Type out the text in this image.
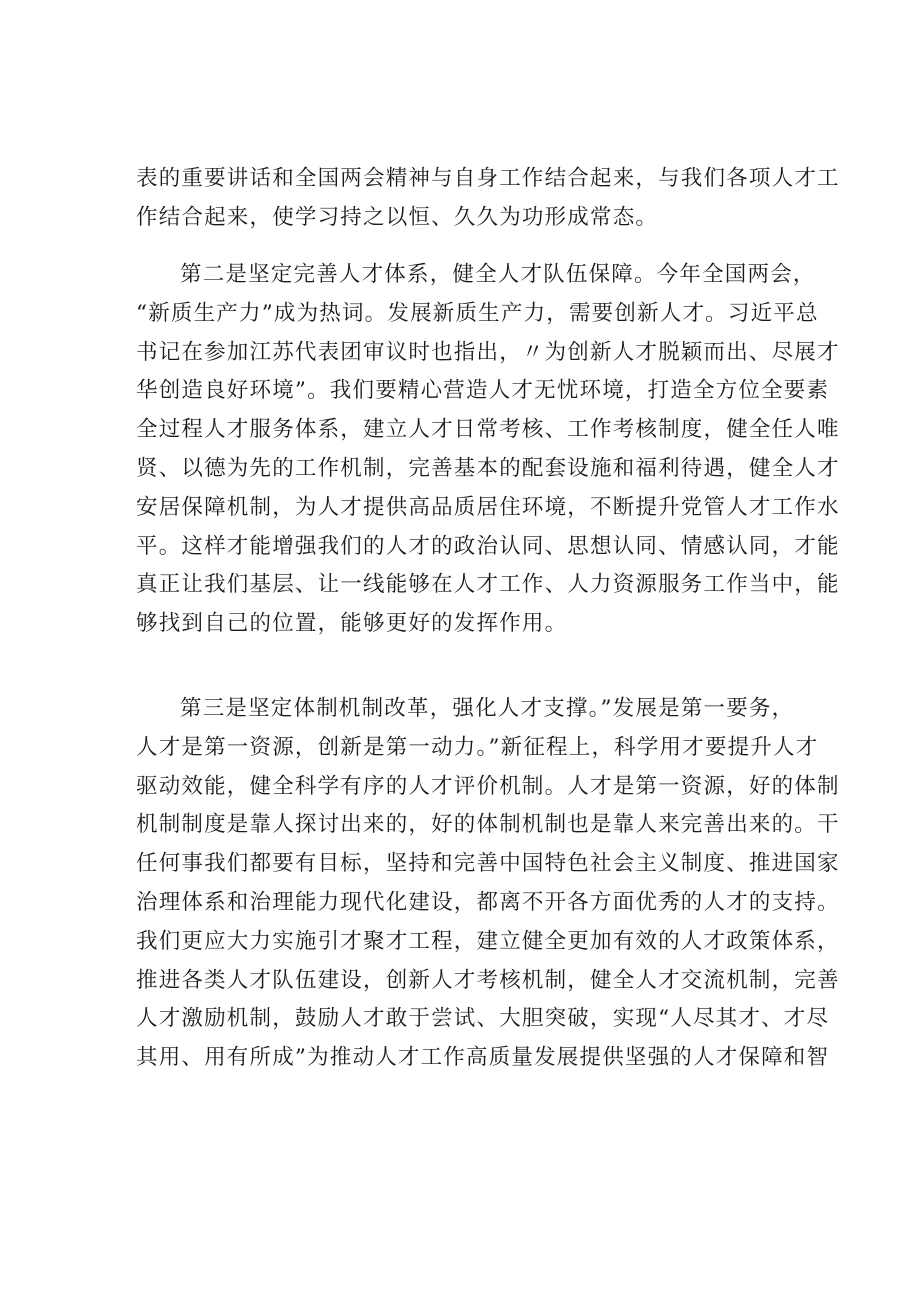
表的重要讲话和全国两会精神与自身工作结合起来，与我们各项人才工
作结合起来，使学习持之以恒、久久为功形成常态。
第二是坚定完善人才体系，健全人才队伍保障。今年全国两会，
“新质生产力”成为热词。发展新质生产力，需要创新人才。习近平总
书记在参加江苏代表团审议时也指出，〃为创新人才脱颖而出、尽展才
华创造良好环境”。我们要精心营造人才无忧环境，打造全方位全要素
全过程人才服务体系，建立人才日常考核、工作考核制度，健全任人唯
贤、以德为先的工作机制，完善基本的配套设施和福利待遇，健全人才
安居保障机制，为人才提供高品质居住环境，不断提升党管人才工作水
平。这样才能增强我们的人才的政治认同、思想认同、情感认同，才能
真正让我们基层、让一线能够在人才工作、人力资源服务工作当中，能
够找到自己的位置，能够更好的发挥作用。
第三是坚定体制机制改革，强化人才支撑。”发展是第一要务，
人才是第一资源，创新是第一动力。”新征程上，科学用才要提升人才
驱动效能，健全科学有序的人才评价机制。人才是第一资源，好的体制
机制制度是靠人探讨出来的，好的体制机制也是靠人来完善出来的。干
任何事我们都要有目标，坚持和完善中国特色社会主义制度、推进国家
治理体系和治理能力现代化建设，都离不开各方面优秀的人才的支持。
我们更应大力实施引才聚才工程，建立健全更加有效的人才政策体系，
推进各类人才队伍建设，创新人才考核机制，健全人才交流机制，完善
人才激励机制，鼓励人才敢于尝试、大胆突破，实现“人尽其才、才尽
其用、用有所成”为推动人才工作高质量发展提供坚强的人才保障和智
